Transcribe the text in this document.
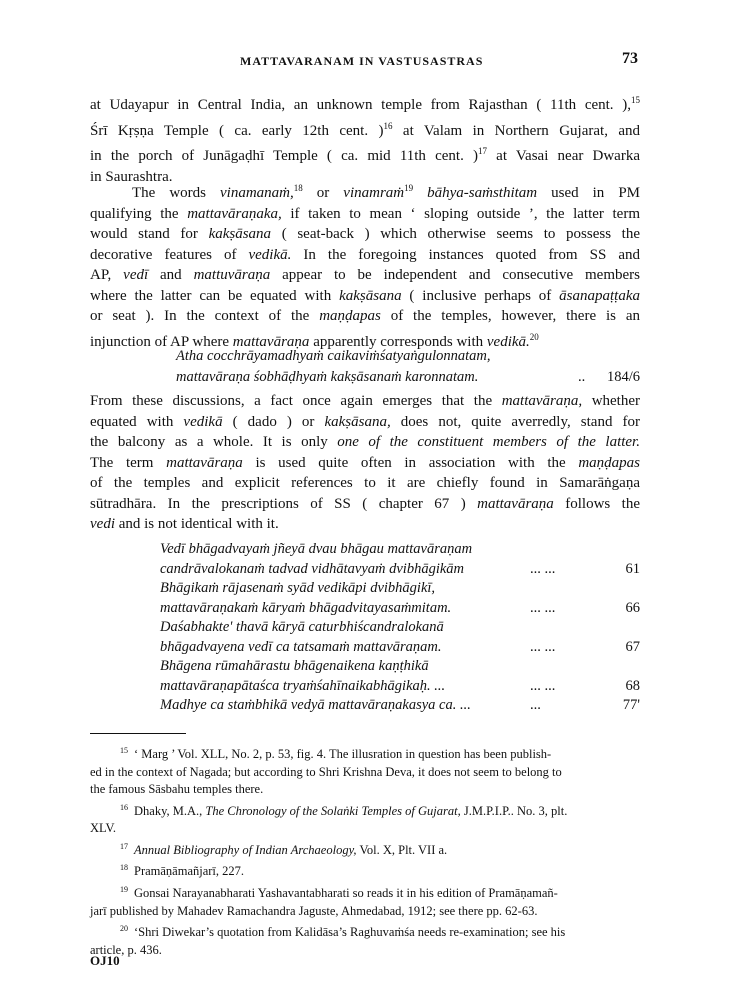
MATTAVARANAM IN VASTUSASTRAS	73
at Udayapur in Central India, an unknown temple from Rajasthan ( 11th cent. ),$^{15}$
Śrī Kṛṣṇa Temple ( ca. early 12th cent. )$^{16}$ at Valam in Northern Gujarat, and
in the porch of Junāgaḍhī Temple ( ca. mid 11th cent. )$^{17}$ at Vasai near Dwarka
in Saurashtra.
The words vinamanaṁ,$^{18}$ or vinamraṁ$^{19}$ bāhya-saṁsthitam used in PM
qualifying the mattavāraṇaka, if taken to mean ‘ sloping outside ’, the latter term
would stand for kakṣāsana ( seat-back ) which otherwise seems to possess the
decorative features of vedikā. In the foregoing instances quoted from SS and
AP, vedī and mattuvāraṇa appear to be independent and consecutive members
where the latter can be equated with kakṣāsana ( inclusive perhaps of āsanapaṭṭaka
or seat ). In the context of the maṇḍapas of the temples, however, there is an
injunction of AP where mattavāraṇa apparently corresponds with vedikā.$^{20}$
Atha cocchrāyamadhyaṁ caikaviṁśatyaṅgulonnatam,
mattavāraṇa śobhāḍhyaṁ kakṣāsanaṁ karonnatam.	.. 184/6
From these discussions, a fact once again emerges that the mattavāraṇa, whether
equated with vedikā ( dado ) or kakṣāsana, does not, quite averredly, stand for
the balcony as a whole. It is only one of the constituent members of the latter.
The term mattavāraṇa is used quite often in association with the maṇḍapas
of the temples and explicit references to it are chiefly found in Samarāṅgaṇa
sūtradhāra. In the prescriptions of SS ( chapter 67 ) mattavāraṇa follows the
vedi and is not identical with it.
Vedī bhāgadvayaṁ jñeyā dvau bhāgau mattavāraṇam
candrāvalokanaṁ tadvad vidhātavyaṁ dvibhāgikām	... ...	61
Bhāgikaṁ rājasenaṁ syād vedikāpi dvibhāgikī,
mattavāraṇakaṁ kāryaṁ bhāgadvitayasaṁmitam.	... ...	66
Daśabhakte' thavā kāryā caturbhiścandralokanā
bhāgadvayena vedī ca tatsamaṁ mattavāraṇam.	... ...	67
Bhāgena rūmahārastu bhāgenaikena kaṇṭhikā
mattavāraṇapātaśca tryaṁśahīnaikabhāgikaḥ. ...	... ...	68
Madhye ca staṁbhikā vedyā mattavāraṇakasya ca. ...	...	77'
$^{15}$ ‘ Marg ’ Vol. XLL, No. 2, p. 53, fig. 4. The illusration in question has been publish-
ed in the context of Nagada; but according to Shri Krishna Deva, it does not seem to belong to
the famous Sāsbahu temples there.
$^{16}$ Dhaky, M.A., The Chronology of the Solaṅki Temples of Gujarat, J.M.P.I.P.. No. 3, plt.
XLV.
$^{17}$ Annual Bibliography of Indian Archaeology, Vol. X, Plt. VII a.
$^{18}$ Pramāṇāmañjarī, 227.
$^{19}$ Gonsai Narayanabharati Yashavantabharati so reads it in his edition of Pramāṇamañ-
jarī published by Mahadev Ramachandra Jaguste, Ahmedabad, 1912; see there pp. 62-63.
$^{20}$ ‘Shri Diwekar’s quotation from Kalidāsa’s Raghuvaṁśa needs re-examination; see his
article, p. 436.
OJ10
